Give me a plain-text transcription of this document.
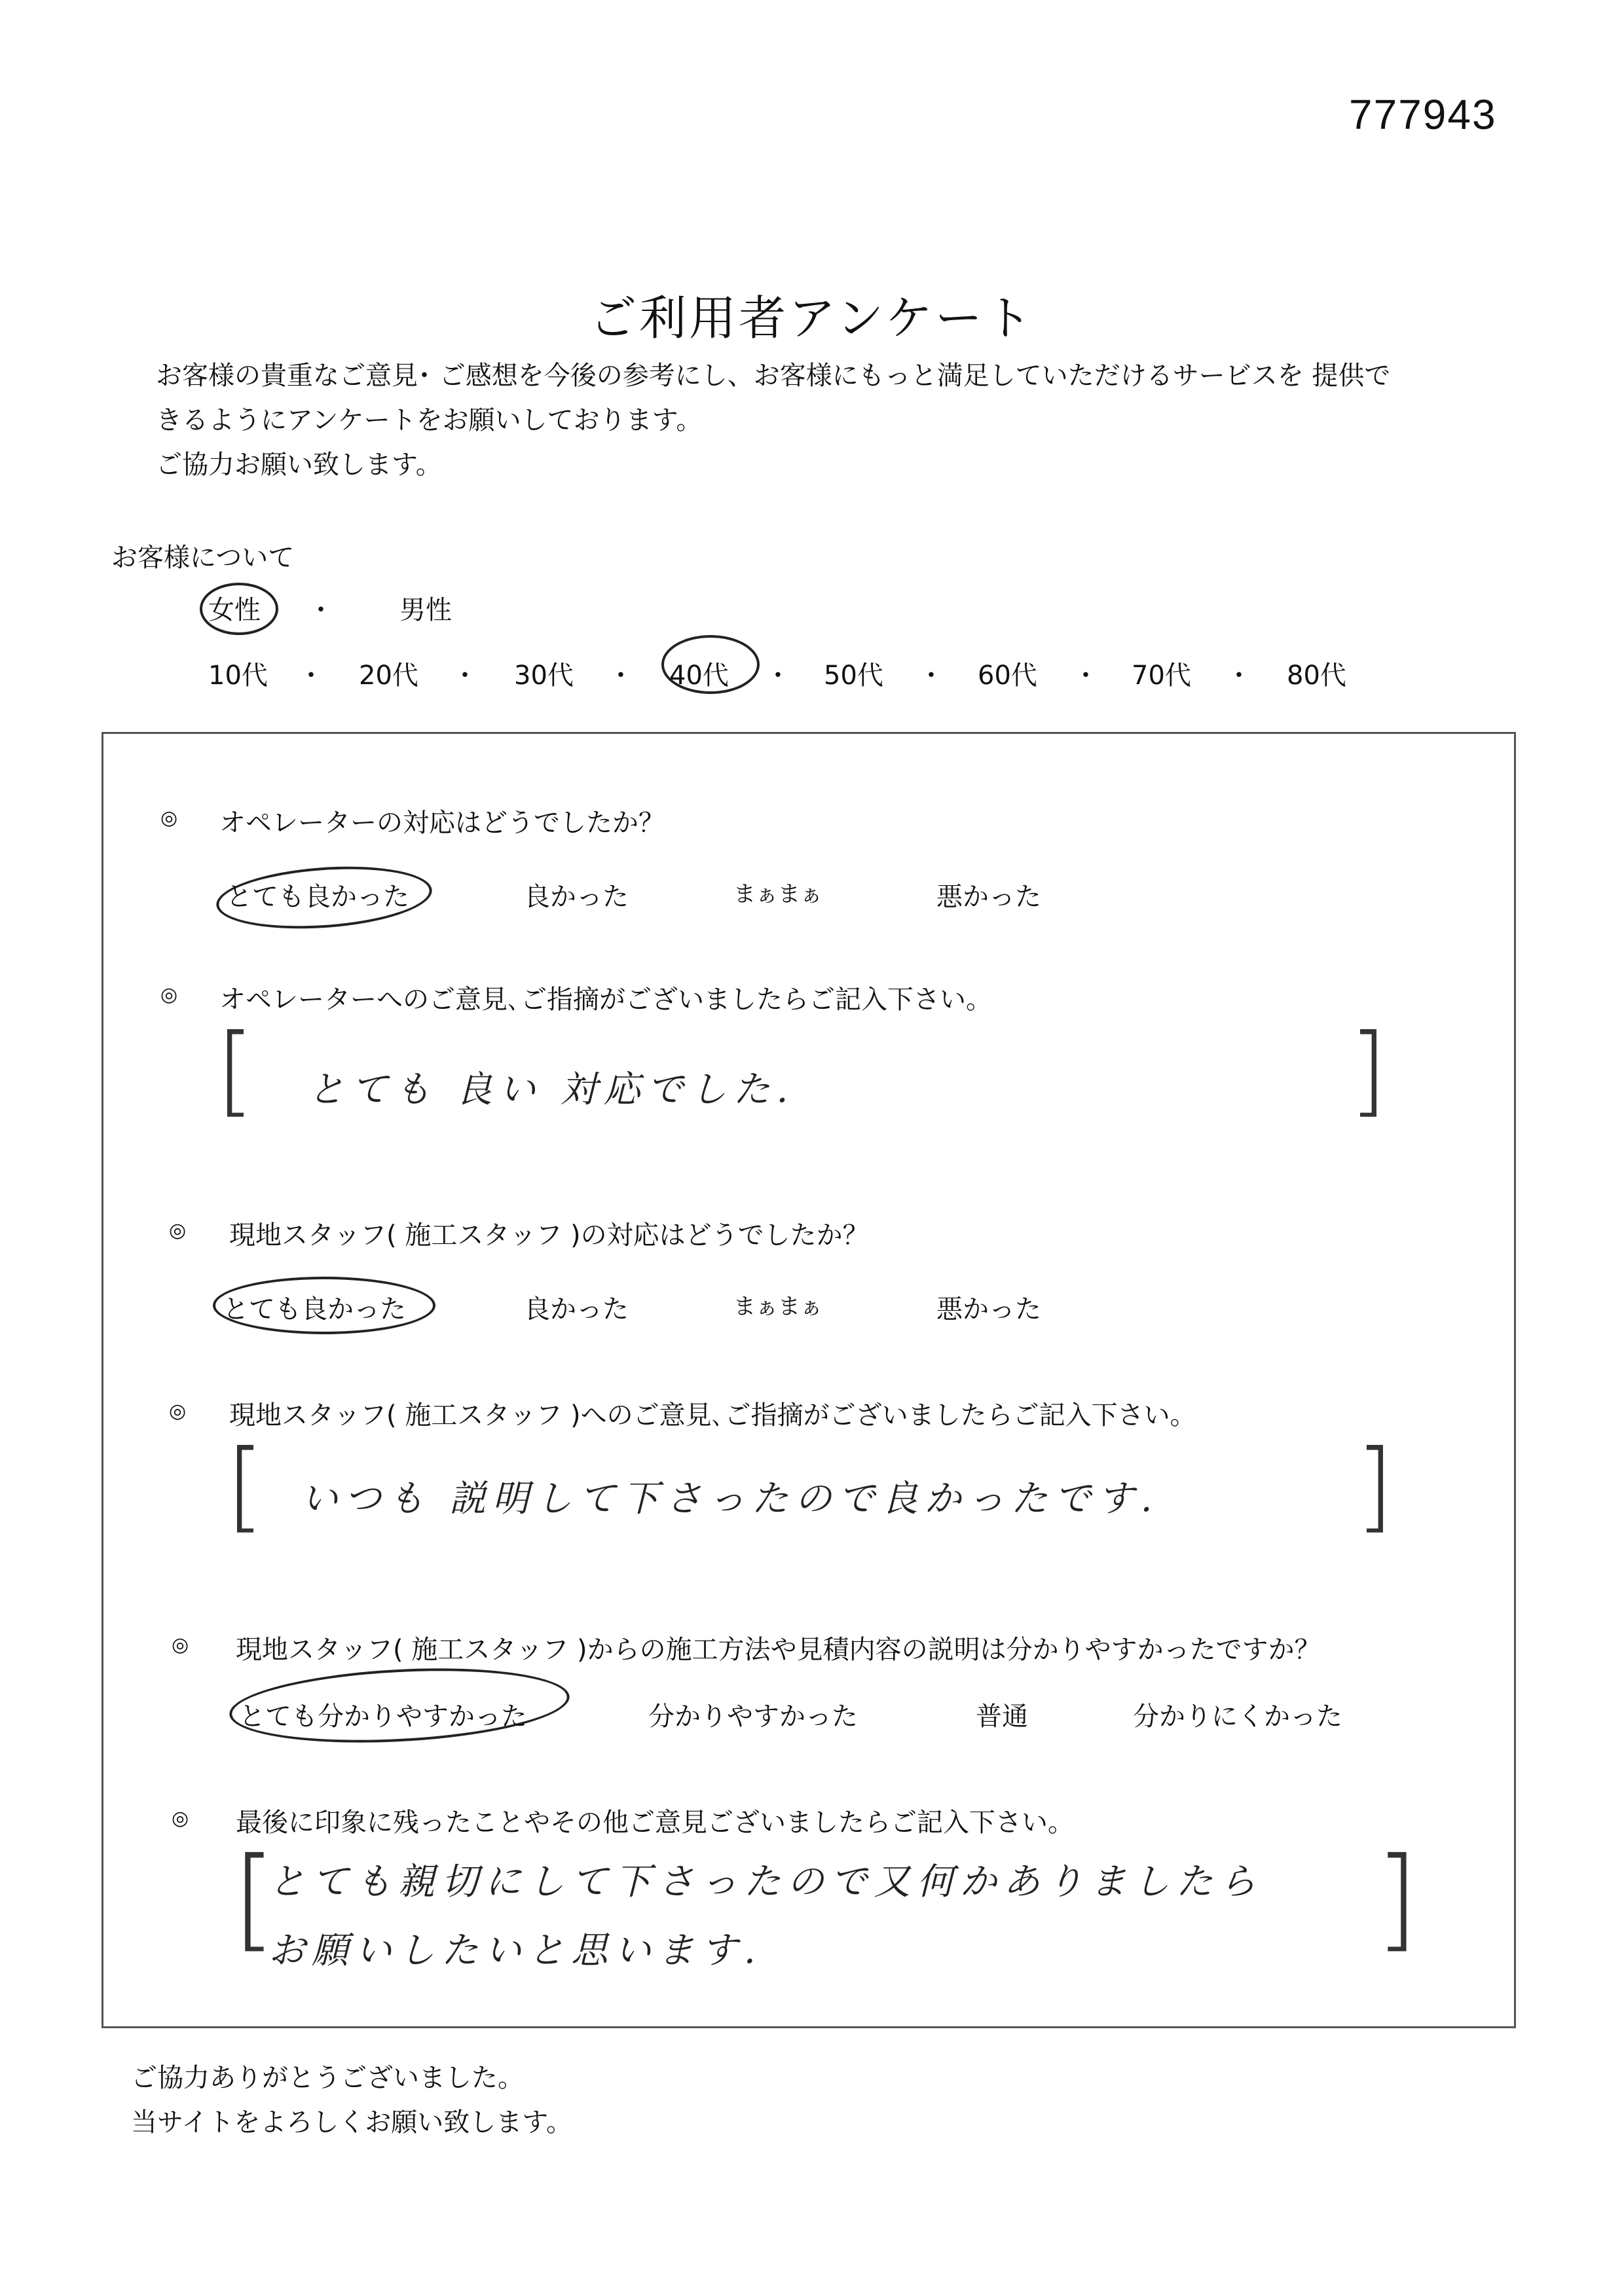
777943
ご利用者アンケート
お客様の貴重なご意見･ ご感想を今後の参考にし、お客様にもっと満足していただけるサービスを 提供で
きるようにアンケートをお願いしております。
ご協力お願い致します。
お客様について
女性 ・	男性
10代 ・ 20代 ・ 30代 ・ 40代 ・ 50代 ・ 60代 ・ 70代 ・ 80代
◎ オペレーターの対応はどうでしたか？
とても良かった	良かった	まぁまぁ	悪かった
◎ オペレーターへのご意見､ご指摘がございましたらご記入下さい。
[	]
とても 良い 対応でした.
◎ 現地スタッフ( 施工スタッフ )の対応はどうでしたか？
とても良かった	良かった	まぁまぁ	悪かった
◎ 現地スタッフ( 施工スタッフ )へのご意見､ご指摘がございましたらご記入下さい。
[	]
いつも 説明して下さったので良かったです.
◎ 現地スタッフ( 施工スタッフ )からの施工方法や見積内容の説明は分かりやすかったですか？
とても分かりやすかった	分かりやすかった	普通	分かりにくかった
◎ 最後に印象に残ったことやその他ご意見ございましたらご記入下さい。
[	]
とても親切にして下さったので又何かありましたら
お願いしたいと思います.
ご協力ありがとうございました。
当サイトをよろしくお願い致します。
